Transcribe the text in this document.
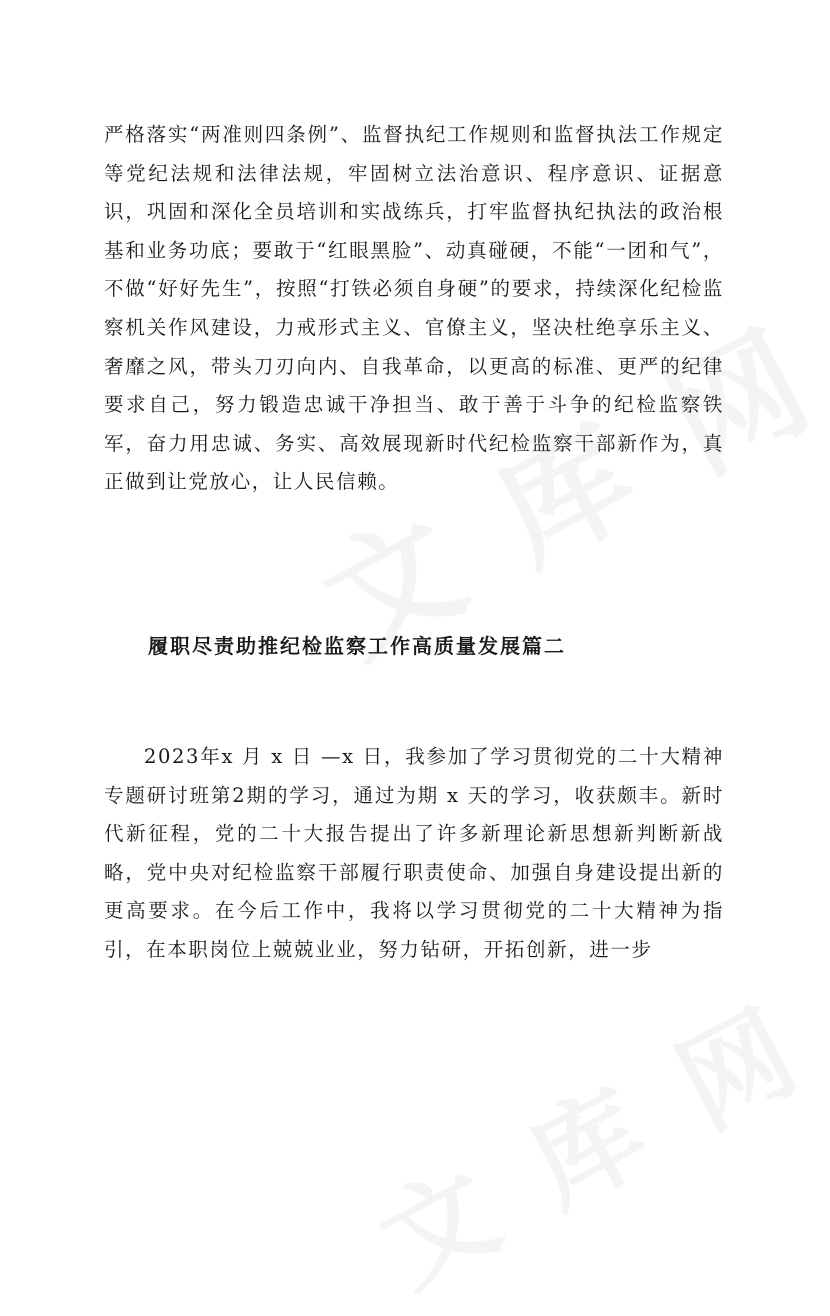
严格落实“两准则四条例”、监督执纪工作规则和监督执法工作规定等党纪法规和法律法规，牢固树立法治意识、程序意识、证据意识，巩固和深化全员培训和实战练兵，打牢监督执纪执法的政治根基和业务功底；要敢于“红眼黑脸”、动真碰硬，不能“一团和气”，不做“好好先生”，按照“打铁必须自身硬”的要求，持续深化纪检监察机关作风建设，力戒形式主义、官僚主义，坚决杜绝享乐主义、奢靡之风，带头刀刃向内、自我革命，以更高的标准、更严的纪律要求自己，努力锻造忠诚干净担当、敢于善于斗争的纪检监察铁军，奋力用忠诚、务实、高效展现新时代纪检监察干部新作为，真正做到让党放心，让人民信赖。

履职尽责助推纪检监察工作高质量发展篇二

2023年x 月 x 日 —x 日，我参加了学习贯彻党的二十大精神专题研讨班第2期的学习，通过为期 x 天的学习，收获颇丰。新时代新征程，党的二十大报告提出了许多新理论新思想新判断新战略，党中央对纪检监察干部履行职责使命、加强自身建设提出新的更高要求。在今后工作中，我将以学习贯彻党的二十大精神为指引，在本职岗位上兢兢业业，努力钻研，开拓创新，进一步
